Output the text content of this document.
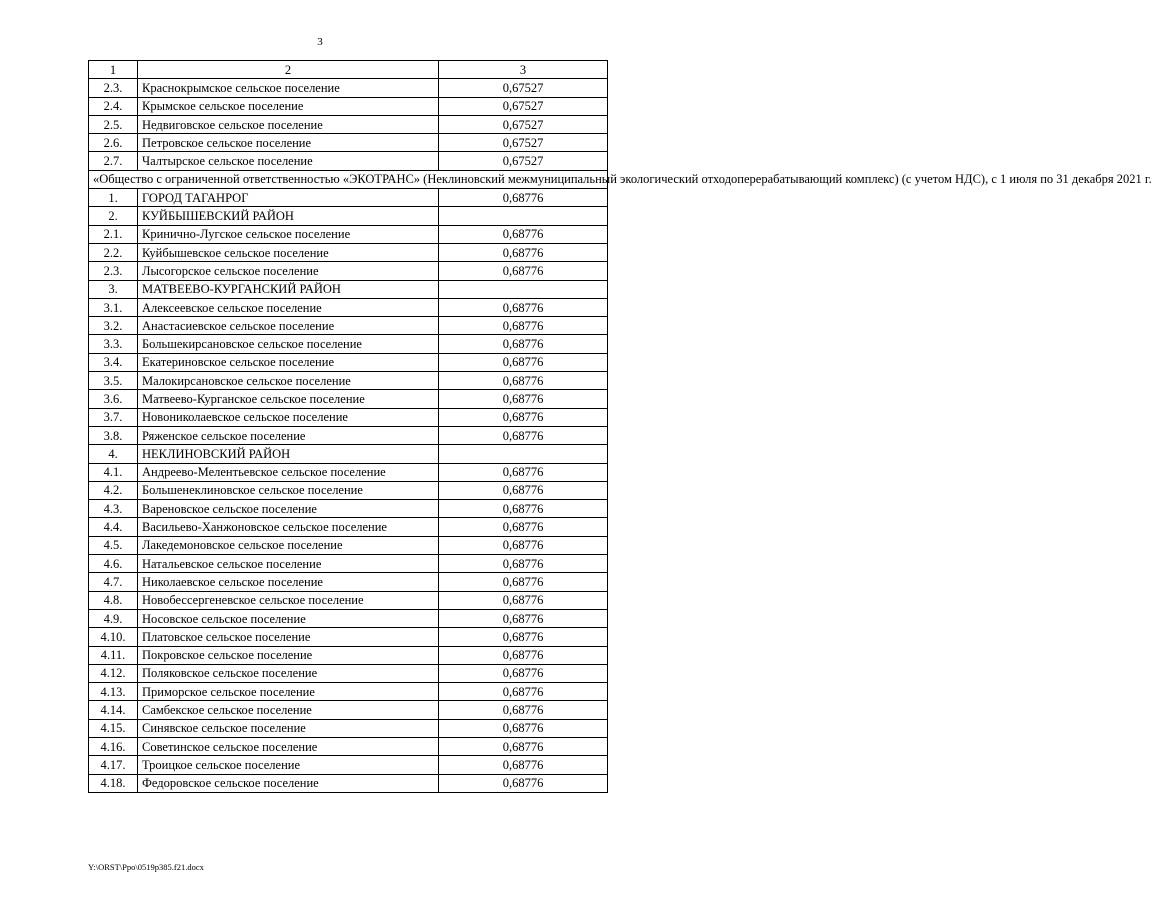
3
1	2	3
2.3.	Краснокрымское сельское поселение	0,67527
2.4.	Крымское сельское поселение	0,67527
2.5.	Недвиговское сельское поселение	0,67527
2.6.	Петровское сельское поселение	0,67527
2.7.	Чалтырское сельское поселение	0,67527
«Общество с ограниченной ответственностью «ЭКОТРАНС» (Неклиновский межмуниципальный экологический отходоперерабатывающий комплекс) (с учетом НДС), с 1 июля по 31 декабря 2021 г.		
1.	ГОРОД ТАГАНРОГ	0,68776
2.	КУЙБЫШЕВСКИЙ РАЙОН	
2.1.	Кринично-Лугское сельское поселение	0,68776
2.2.	Куйбышевское сельское поселение	0,68776
2.3.	Лысогорское сельское поселение	0,68776
3.	МАТВЕЕВО-КУРГАНСКИЙ РАЙОН	
3.1.	Алексеевское сельское поселение	0,68776
3.2.	Анастасиевское сельское поселение	0,68776
3.3.	Большекирсановское сельское поселение	0,68776
3.4.	Екатериновское сельское поселение	0,68776
3.5.	Малокирсановское сельское поселение	0,68776
3.6.	Матвеево-Курганское сельское поселение	0,68776
3.7.	Новониколаевское сельское поселение	0,68776
3.8.	Ряженское сельское поселение	0,68776
4.	НЕКЛИНОВСКИЙ РАЙОН	
4.1.	Андреево-Мелентьевское сельское поселение	0,68776
4.2.	Большенеклиновское сельское поселение	0,68776
4.3.	Вареновское сельское поселение	0,68776
4.4.	Васильево-Ханжоновское сельское поселение	0,68776
4.5.	Лакедемоновское сельское поселение	0,68776
4.6.	Натальевское сельское поселение	0,68776
4.7.	Николаевское сельское поселение	0,68776
4.8.	Новобессергеневское сельское поселение	0,68776
4.9.	Носовское сельское поселение	0,68776
4.10.	Платовское сельское поселение	0,68776
4.11.	Покровское сельское поселение	0,68776
4.12.	Поляковское сельское поселение	0,68776
4.13.	Приморское сельское поселение	0,68776
4.14.	Самбекское сельское поселение	0,68776
4.15.	Синявское сельское поселение	0,68776
4.16.	Советинское сельское поселение	0,68776
4.17.	Троицкое сельское поселение	0,68776
4.18.	Федоровское сельское поселение	0,68776
Y:\ORST\Ppo\0519p385.f21.docx
